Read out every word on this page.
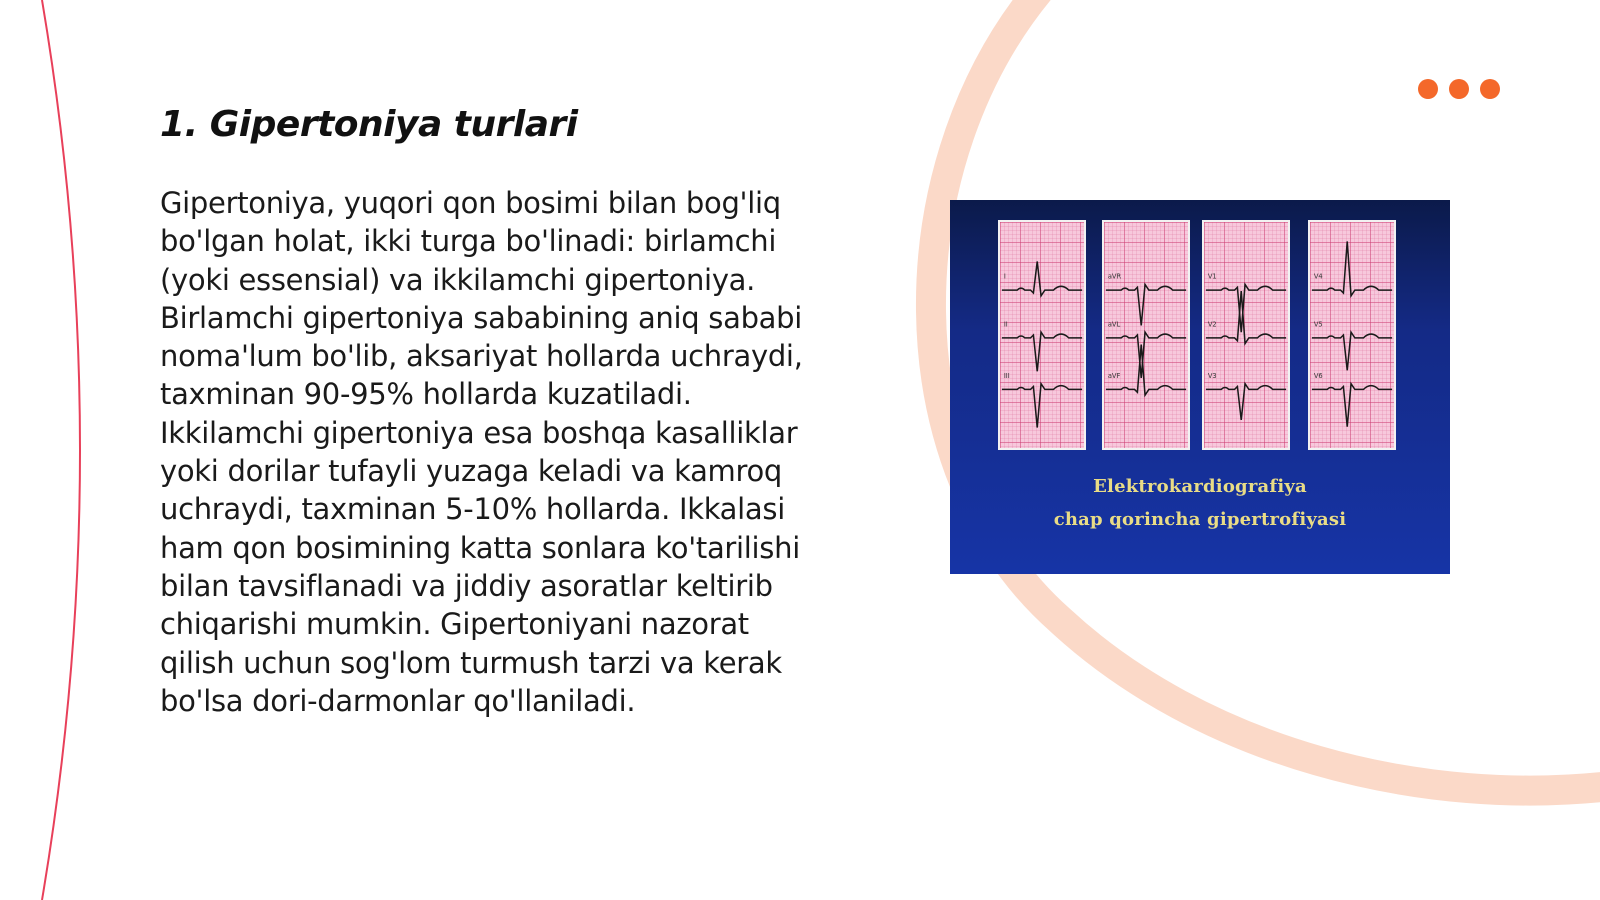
1. Gipertoniya turlari

Gipertoniya, yuqori qon bosimi bilan bog'liq
bo'lgan holat, ikki turga bo'linadi: birlamchi
(yoki essensial) va ikkilamchi gipertoniya.
Birlamchi gipertoniya sababining aniq sababi
noma'lum bo'lib, aksariyat hollarda uchraydi,
taxminan 90-95% hollarda kuzatiladi.
Ikkilamchi gipertoniya esa boshqa kasalliklar
yoki dorilar tufayli yuzaga keladi va kamroq
uchraydi, taxminan 5-10% hollarda. Ikkalasi
ham qon bosimining katta sonlara ko'tarilishi
bilan tavsiflanadi va jiddiy asoratlar keltirib
chiqarishi mumkin. Gipertoniyani nazorat
qilish uchun sog'lom turmush tarzi va kerak
bo'lsa dori-darmonlar qo'llaniladi.

I
II
III
aVR
aVL
aVF
V1
V2
V3
V4
V5
V6
Elektrokardiografiya
chap qorincha gipertrofiyasi
